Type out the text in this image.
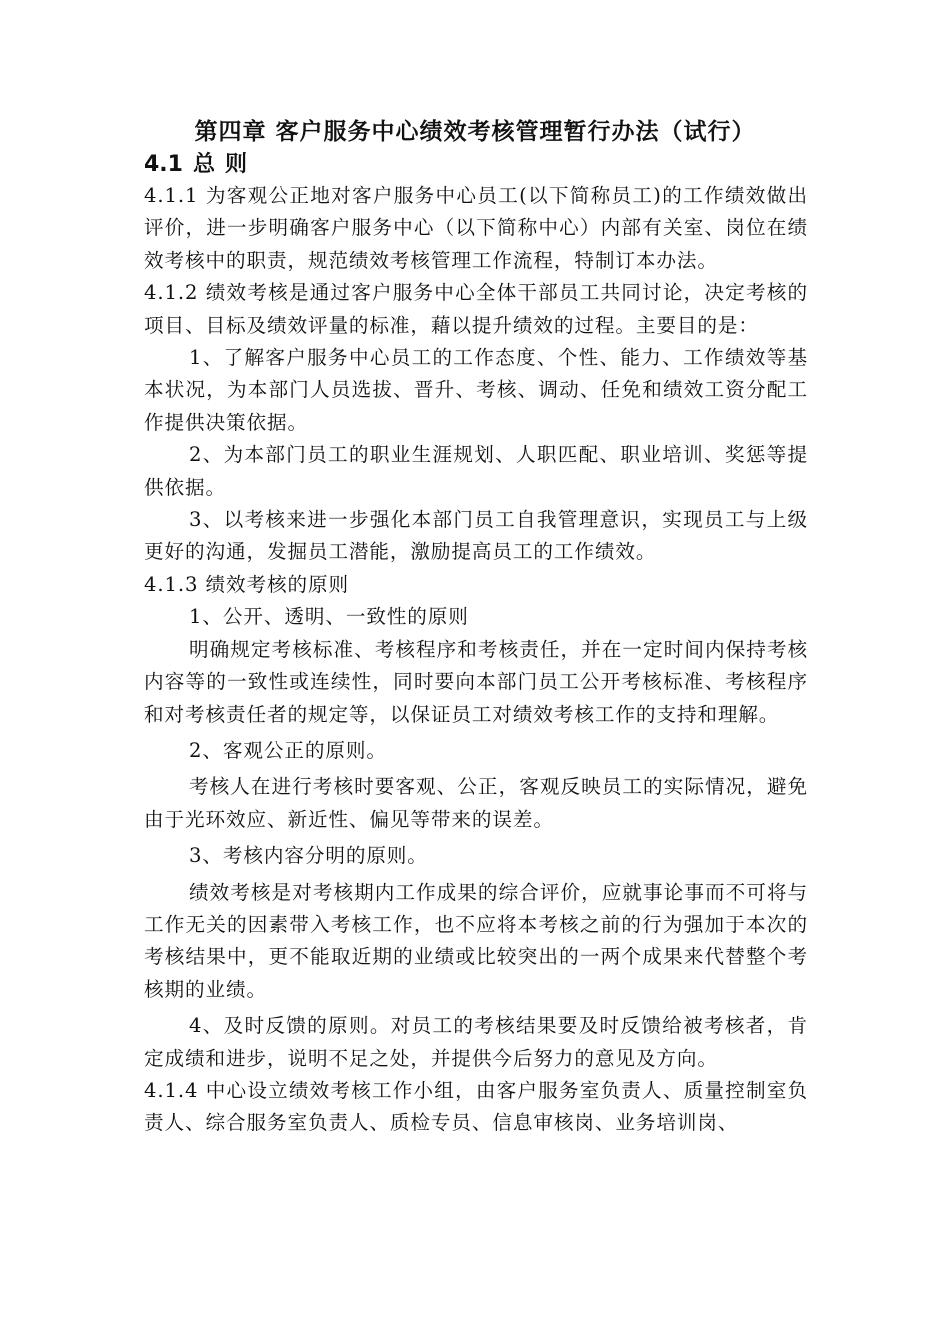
第四章 客户服务中心绩效考核管理暂行办法（试行）
4.1 总 则

4.1.1 为客观公正地对客户服务中心员工(以下简称员工)的工作绩效做出评价，进一步明确客户服务中心（以下简称中心）内部有关室、岗位在绩效考核中的职责，规范绩效考核管理工作流程，特制订本办法。

4.1.2 绩效考核是通过客户服务中心全体干部员工共同讨论，决定考核的项目、目标及绩效评量的标准，藉以提升绩效的过程。主要目的是：

1、了解客户服务中心员工的工作态度、个性、能力、工作绩效等基本状况，为本部门人员选拔、晋升、考核、调动、任免和绩效工资分配工作提供决策依据。

2、为本部门员工的职业生涯规划、人职匹配、职业培训、奖惩等提供依据。

3、以考核来进一步强化本部门员工自我管理意识，实现员工与上级更好的沟通，发掘员工潜能，激励提高员工的工作绩效。

4.1.3 绩效考核的原则

1、公开、透明、一致性的原则

明确规定考核标准、考核程序和考核责任，并在一定时间内保持考核内容等的一致性或连续性，同时要向本部门员工公开考核标准、考核程序和对考核责任者的规定等，以保证员工对绩效考核工作的支持和理解。

2、客观公正的原则。

考核人在进行考核时要客观、公正，客观反映员工的实际情况，避免由于光环效应、新近性、偏见等带来的误差。

3、考核内容分明的原则。

绩效考核是对考核期内工作成果的综合评价，应就事论事而不可将与工作无关的因素带入考核工作，也不应将本考核之前的行为强加于本次的考核结果中，更不能取近期的业绩或比较突出的一两个成果来代替整个考核期的业绩。

4、及时反馈的原则。对员工的考核结果要及时反馈给被考核者，肯定成绩和进步，说明不足之处，并提供今后努力的意见及方向。

4.1.4 中心设立绩效考核工作小组，由客户服务室负责人、质量控制室负责人、综合服务室负责人、质检专员、信息审核岗、业务培训岗、
